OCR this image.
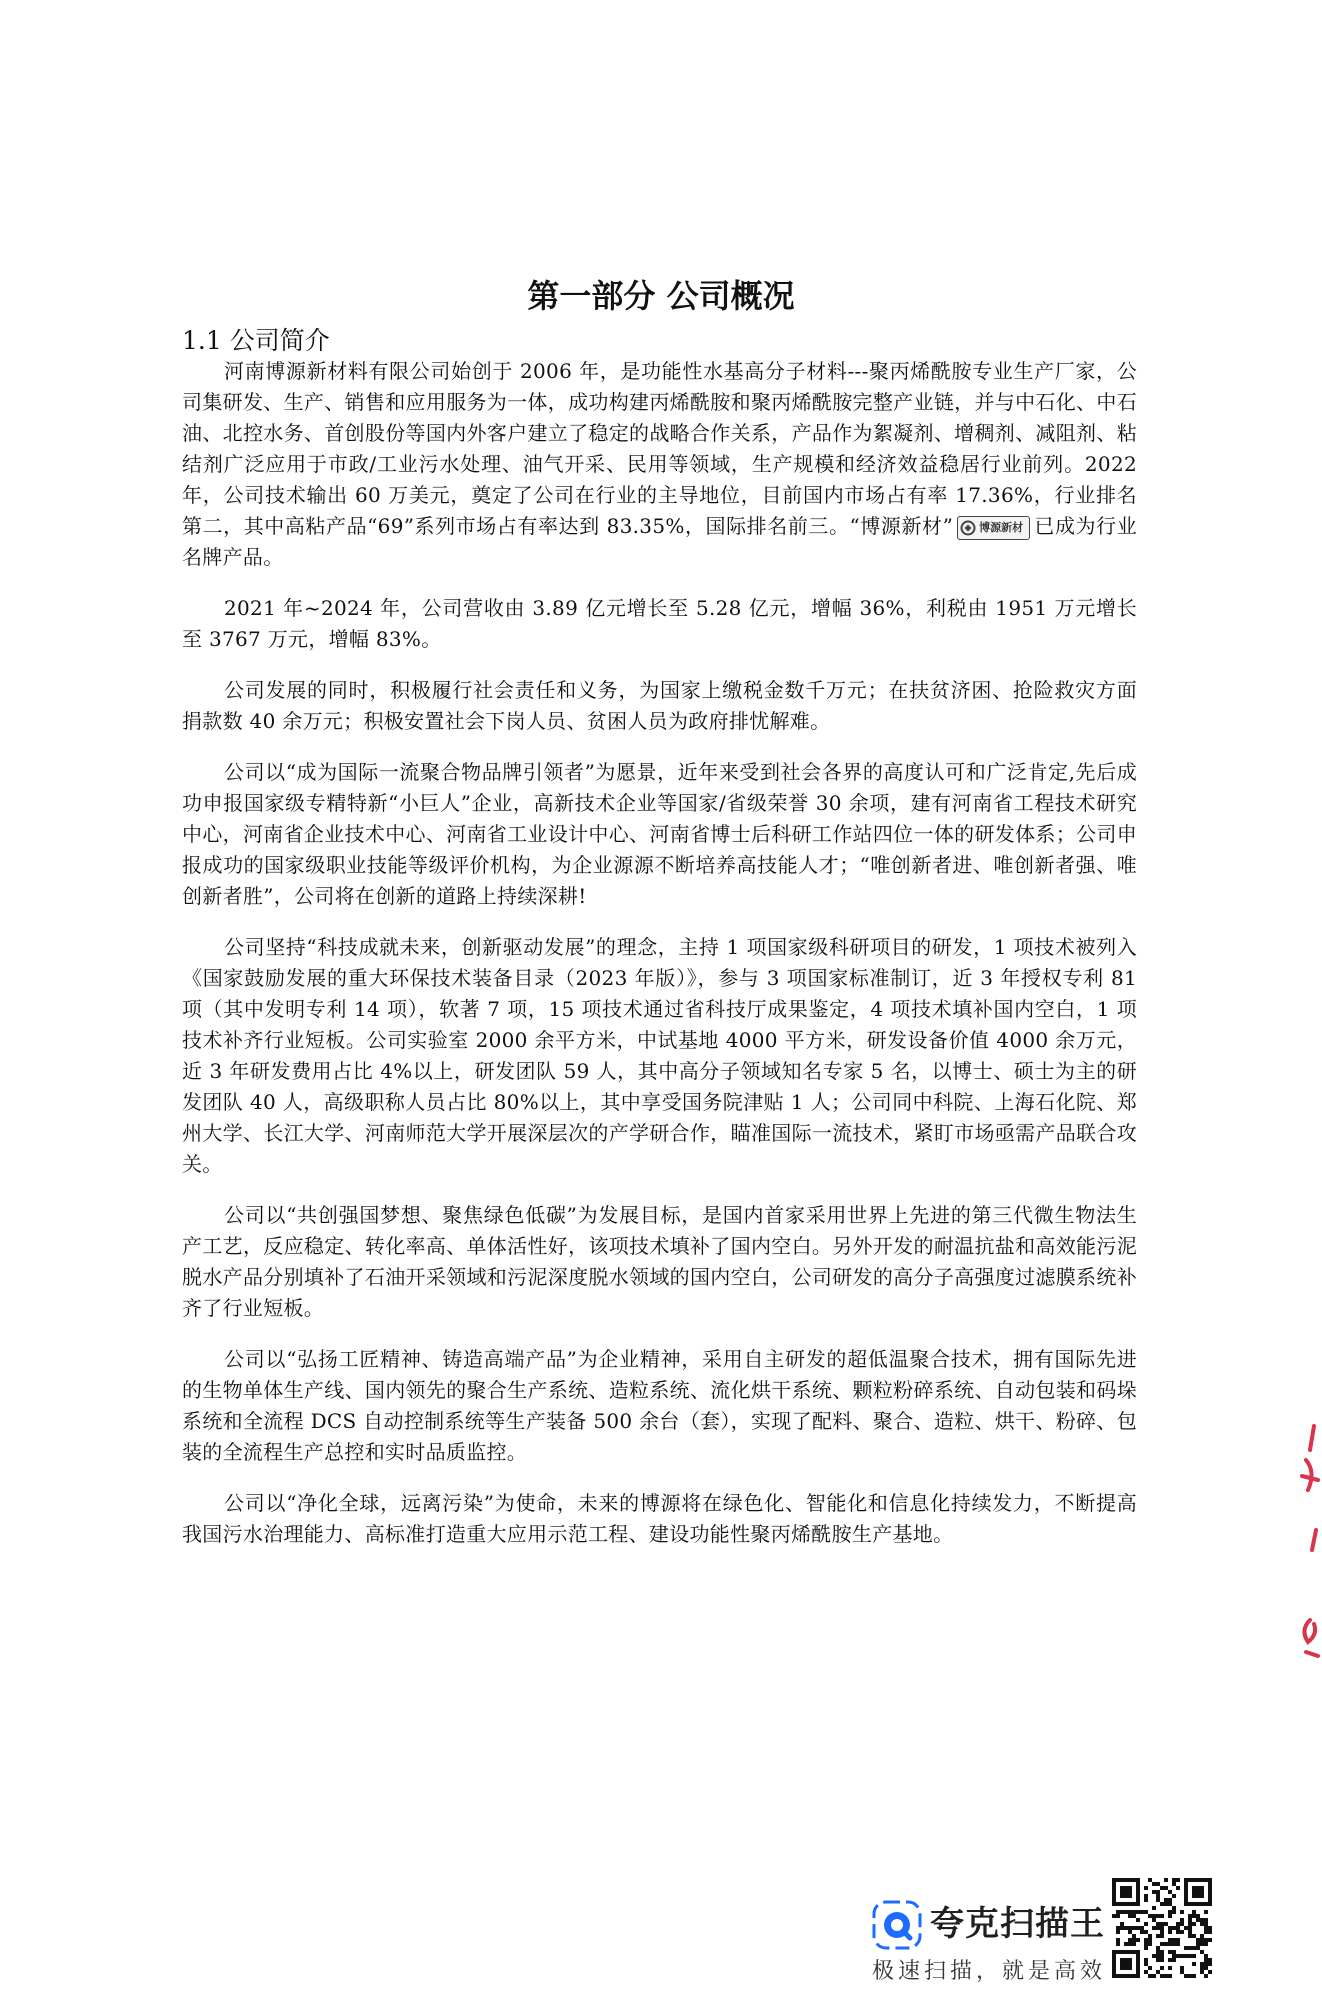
第一部分 公司概况
1.1 公司简介

河南博源新材料有限公司始创于 2006 年，是功能性水基高分子材料---聚丙烯酰胺专业生产厂家，公司集研发、生产、销售和应用服务为一体，成功构建丙烯酰胺和聚丙烯酰胺完整产业链，并与中石化、中石油、北控水务、首创股份等国内外客户建立了稳定的战略合作关系，产品作为絮凝剂、增稠剂、减阻剂、粘结剂广泛应用于市政/工业污水处理、油气开采、民用等领域，生产规模和经济效益稳居行业前列。2022 年，公司技术输出 60 万美元，奠定了公司在行业的主导地位，目前国内市场占有率 17.36%，行业排名第二，其中高粘产品“69”系列市场占有率达到 83.35%，国际排名前三。“博源新材” 博源新材 已成为行业名牌产品。

2021 年~2024 年，公司营收由 3.89 亿元增长至 5.28 亿元，增幅 36%，利税由 1951 万元增长至 3767 万元，增幅 83%。

公司发展的同时，积极履行社会责任和义务，为国家上缴税金数千万元；在扶贫济困、抢险救灾方面捐款数 40 余万元；积极安置社会下岗人员、贫困人员为政府排忧解难。

公司以“成为国际一流聚合物品牌引领者”为愿景，近年来受到社会各界的高度认可和广泛肯定,先后成功申报国家级专精特新“小巨人”企业，高新技术企业等国家/省级荣誉 30 余项，建有河南省工程技术研究中心，河南省企业技术中心、河南省工业设计中心、河南省博士后科研工作站四位一体的研发体系；公司申报成功的国家级职业技能等级评价机构，为企业源源不断培养高技能人才；“唯创新者进、唯创新者强、唯创新者胜”，公司将在创新的道路上持续深耕!

公司坚持“科技成就未来，创新驱动发展”的理念，主持 1 项国家级科研项目的研发，1 项技术被列入《国家鼓励发展的重大环保技术装备目录（2023 年版）》，参与 3 项国家标准制订，近 3 年授权专利 81 项（其中发明专利 14 项），软著 7 项，15 项技术通过省科技厅成果鉴定，4 项技术填补国内空白，1 项技术补齐行业短板。公司实验室 2000 余平方米，中试基地 4000 平方米，研发设备价值 4000 余万元，近 3 年研发费用占比 4%以上，研发团队 59 人，其中高分子领域知名专家 5 名，以博士、硕士为主的研发团队 40 人，高级职称人员占比 80%以上，其中享受国务院津贴 1 人；公司同中科院、上海石化院、郑州大学、长江大学、河南师范大学开展深层次的产学研合作，瞄准国际一流技术，紧盯市场亟需产品联合攻关。

公司以“共创强国梦想、聚焦绿色低碳”为发展目标，是国内首家采用世界上先进的第三代微生物法生产工艺，反应稳定、转化率高、单体活性好，该项技术填补了国内空白。另外开发的耐温抗盐和高效能污泥脱水产品分别填补了石油开采领域和污泥深度脱水领域的国内空白，公司研发的高分子高强度过滤膜系统补齐了行业短板。

公司以“弘扬工匠精神、铸造高端产品”为企业精神，采用自主研发的超低温聚合技术，拥有国际先进的生物单体生产线、国内领先的聚合生产系统、造粒系统、流化烘干系统、颗粒粉碎系统、自动包装和码垛系统和全流程 DCS 自动控制系统等生产装备 500 余台（套），实现了配料、聚合、造粒、烘干、粉碎、包装的全流程生产总控和实时品质监控。

公司以“净化全球，远离污染”为使命，未来的博源将在绿色化、智能化和信息化持续发力，不断提高我国污水治理能力、高标准打造重大应用示范工程、建设功能性聚丙烯酰胺生产基地。

夸克扫描王
极速扫描，就是高效
